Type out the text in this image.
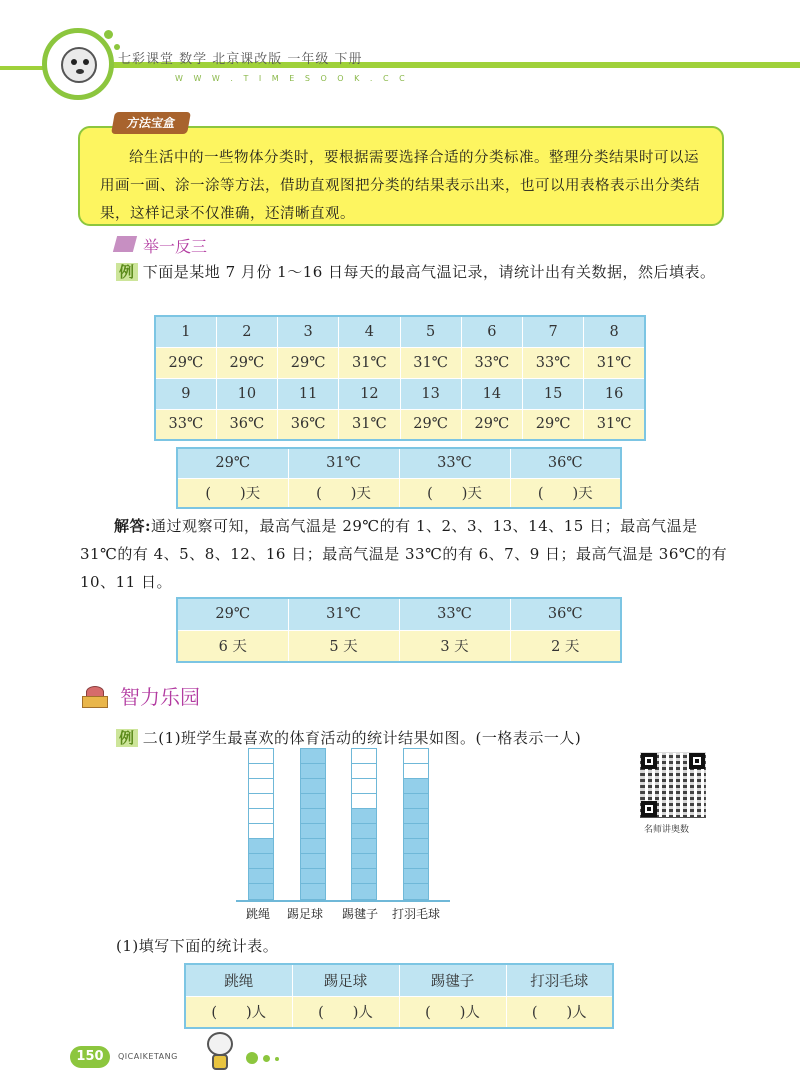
七彩课堂 数学 北京课改版 一年级 下册
W W W . T I M E S O O K . C C
方法宝盒
给生活中的一些物体分类时，要根据需要选择合适的分类标准。整理分类结果时可以运用画一画、涂一涂等方法，借助直观图把分类的结果表示出来，也可以用表格表示出分类结果，这样记录不仅准确，还清晰直观。
举一反三
例 下面是某地 7 月份 1～16 日每天的最高气温记录，请统计出有关数据，然后填表。
1	2	3	4	5	6	7	8
29℃	29℃	29℃	31℃	31℃	33℃	33℃	31℃
9	10	11	12	13	14	15	16
33℃	36℃	36℃	31℃	29℃	29℃	29℃	31℃
29℃	31℃	33℃	36℃
(　　)天	(　　)天	(　　)天	(　　)天
解答:通过观察可知，最高气温是 29℃的有 1、2、3、13、14、15 日；最高气温是 31℃的有 4、5、8、12、16 日；最高气温是 33℃的有 6、7、9 日；最高气温是 36℃的有 10、11 日。
29℃	31℃	33℃	36℃
6 天	5 天	3 天	2 天
智力乐园
例 二(1)班学生最喜欢的体育活动的统计结果如图。(一格表示一人)
名师讲奥数
跳绳 踢足球 踢毽子 打羽毛球
(1)填写下面的统计表。
跳绳	踢足球	踢毽子	打羽毛球
(　　)人	(　　)人	(　　)人	(　　)人
150	QICAIKETANG
